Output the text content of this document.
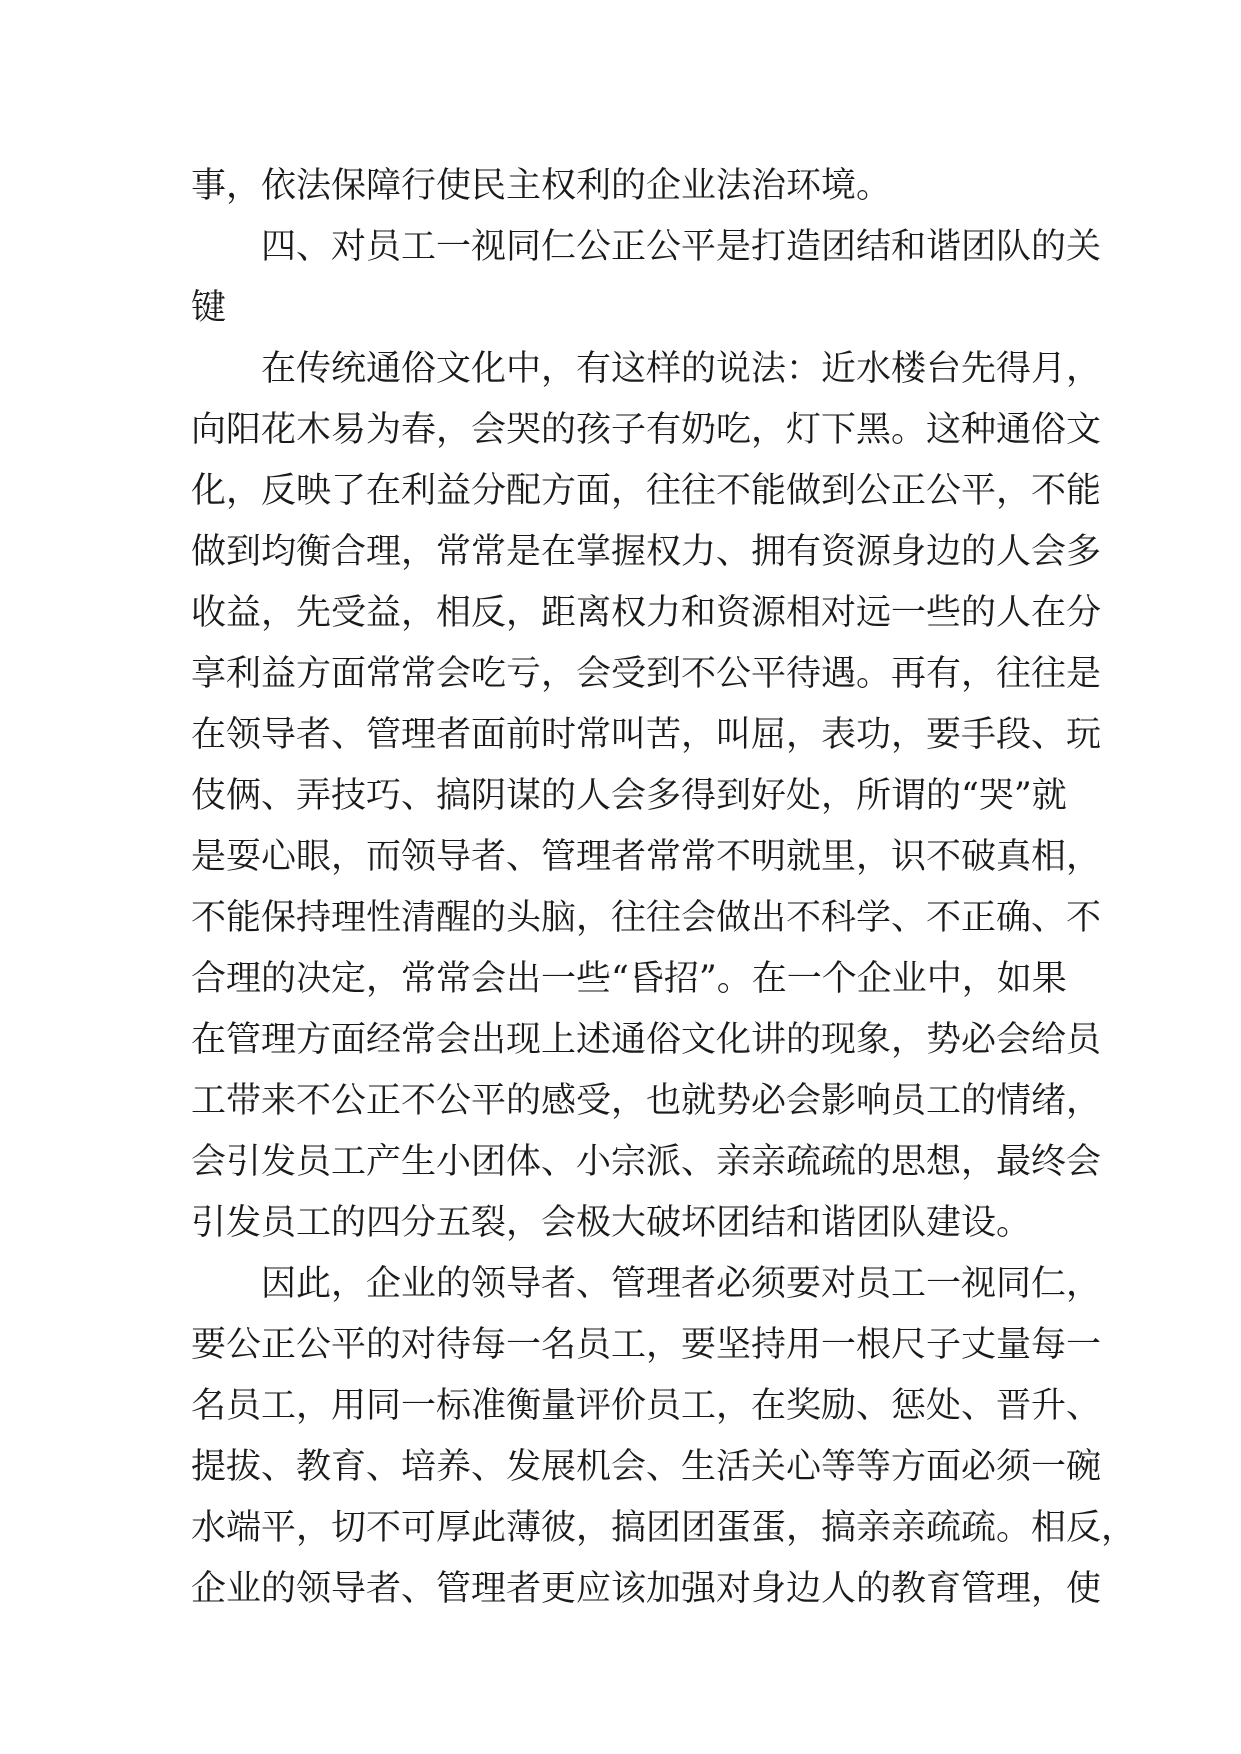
事，依法保障行使民主权利的企业法治环境。
四、对员工一视同仁公正公平是打造团结和谐团队的关
键
在传统通俗文化中，有这样的说法：近水楼台先得月，
向阳花木易为春，会哭的孩子有奶吃，灯下黑。这种通俗文
化，反映了在利益分配方面，往往不能做到公正公平，不能
做到均衡合理，常常是在掌握权力、拥有资源身边的人会多
收益，先受益，相反，距离权力和资源相对远一些的人在分
享利益方面常常会吃亏，会受到不公平待遇。再有，往往是
在领导者、管理者面前时常叫苦，叫屈，表功，要手段、玩
伎俩、弄技巧、搞阴谋的人会多得到好处，所谓的“哭”就
是耍心眼，而领导者、管理者常常不明就里，识不破真相，
不能保持理性清醒的头脑，往往会做出不科学、不正确、不
合理的决定，常常会出一些“昏招”。在一个企业中，如果
在管理方面经常会出现上述通俗文化讲的现象，势必会给员
工带来不公正不公平的感受，也就势必会影响员工的情绪，
会引发员工产生小团体、小宗派、亲亲疏疏的思想，最终会
引发员工的四分五裂，会极大破坏团结和谐团队建设。
因此，企业的领导者、管理者必须要对员工一视同仁，
要公正公平的对待每一名员工，要坚持用一根尺子丈量每一
名员工，用同一标准衡量评价员工，在奖励、惩处、晋升、
提拔、教育、培养、发展机会、生活关心等等方面必须一碗
水端平，切不可厚此薄彼，搞团团蛋蛋，搞亲亲疏疏。相反，
企业的领导者、管理者更应该加强对身边人的教育管理，使
